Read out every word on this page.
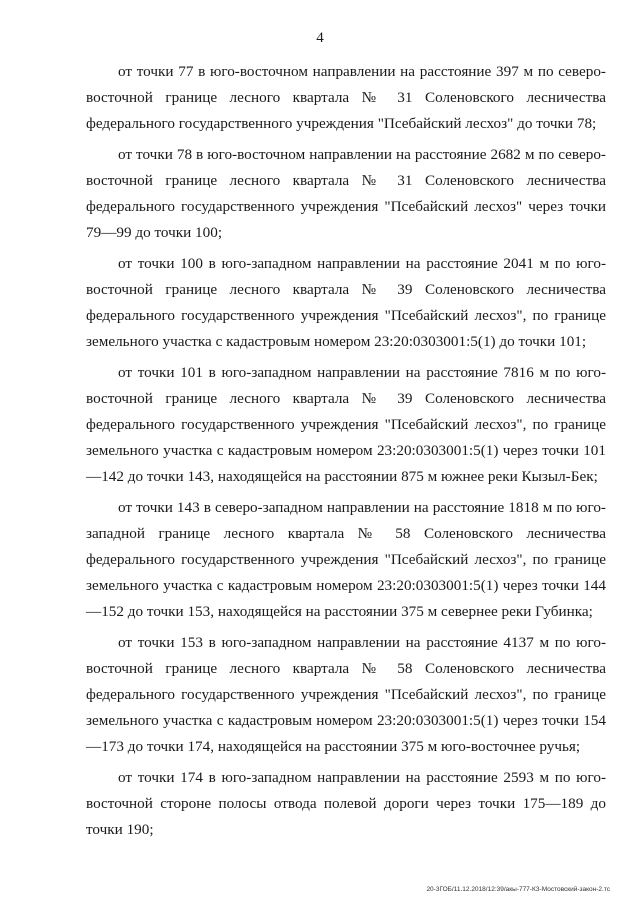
4

от точки 77 в юго-восточном направлении на расстояние 397 м по северо-восточной границе лесного квартала № 31 Соленовского лесничества федерального государственного учреждения "Псебайский лесхоз" до точки 78;

от точки 78 в юго-восточном направлении на расстояние 2682 м по северо-восточной границе лесного квартала № 31 Соленовского лесничества федерального государственного учреждения "Псебайский лесхоз" через точки 79—99 до точки 100;

от точки 100 в юго-западном направлении на расстояние 2041 м по юго-восточной границе лесного квартала № 39 Соленовского лесничества федерального государственного учреждения "Псебайский лесхоз", по границе земельного участка с кадастровым номером 23:20:0303001:5(1) до точки 101;

от точки 101 в юго-западном направлении на расстояние 7816 м по юго-восточной границе лесного квартала № 39 Соленовского лесничества федерального государственного учреждения "Псебайский лесхоз", по границе земельного участка с кадастровым номером 23:20:0303001:5(1) через точки 101—142 до точки 143, находящейся на расстоянии 875 м южнее реки Кызыл-Бек;

от точки 143 в северо-западном направлении на расстояние 1818 м по юго-западной границе лесного квартала № 58 Соленовского лесничества федерального государственного учреждения "Псебайский лесхоз", по границе земельного участка с кадастровым номером 23:20:0303001:5(1) через точки 144—152 до точки 153, находящейся на расстоянии 375 м севернее реки Губинка;

от точки 153 в юго-западном направлении на расстояние 4137 м по юго-восточной границе лесного квартала № 58 Соленовского лесничества федерального государственного учреждения "Псебайский лесхоз", по границе земельного участка с кадастровым номером 23:20:0303001:5(1) через точки 154—173 до точки 174, находящейся на расстоянии 375 м юго-восточнее ручья;

от точки 174 в юго-западном направлении на расстояние 2593 м по юго-восточной стороне полосы отвода полевой дороги через точки 175—189 до точки 190;

20-3ГОБ/11.12.2018/12:39/акы-777-КЗ-Мостовский-закон-2.тс
